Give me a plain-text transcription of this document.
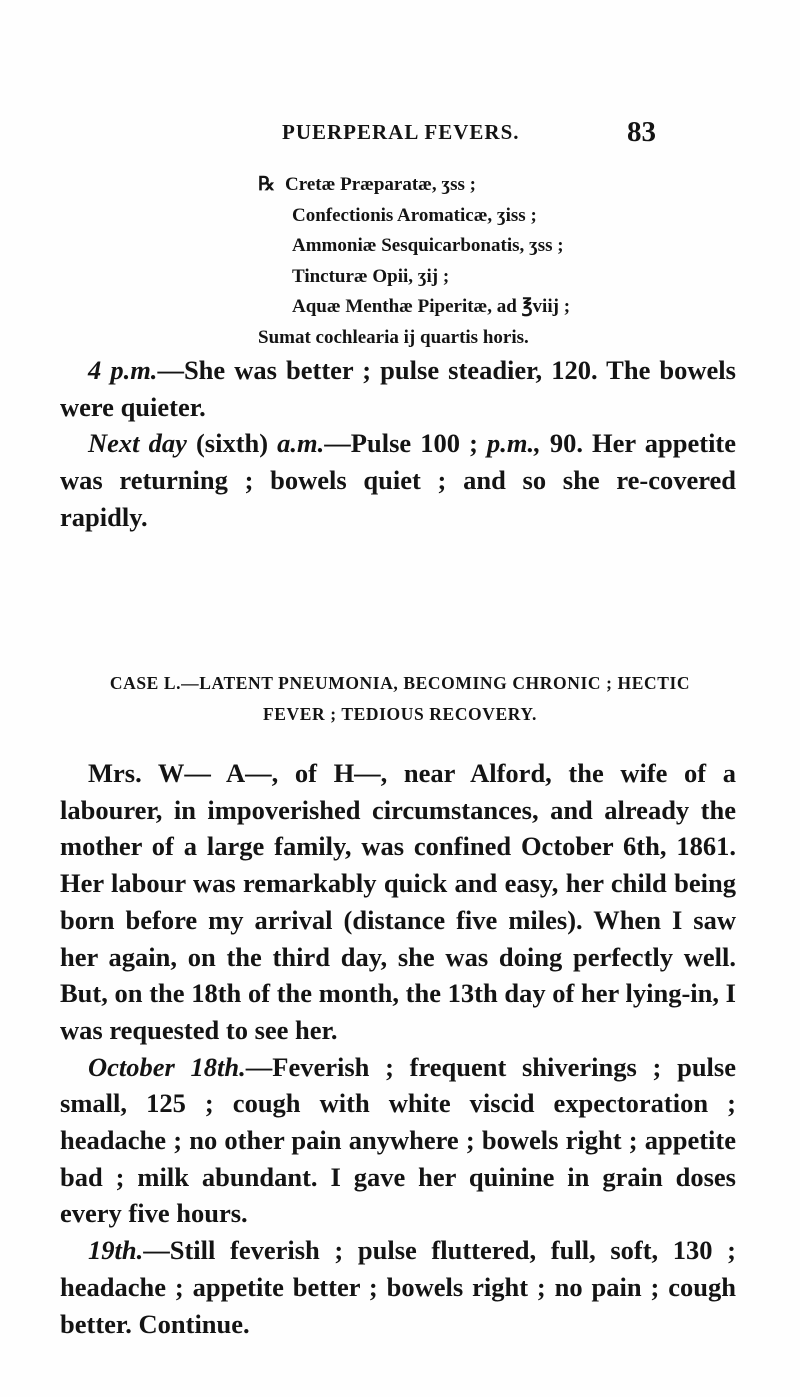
PUERPERAL FEVERS.	83
℞ Cretæ Præparatæ, ʒss ;
Confectionis Aromaticæ, ʒiss ;
Ammoniæ Sesquicarbonatis, ʒss ;
Tincturæ Opii, ʒij ;
Aquæ Menthæ Piperitæ, ad ℥viij ;
Sumat cochlearia ij quartis horis.

4 p.m.—She was better ; pulse steadier, 120. The bowels were quieter.

Next day (sixth) a.m.—Pulse 100 ; p.m., 90. Her appetite was returning ; bowels quiet ; and so she re-covered rapidly.

CASE L.—LATENT PNEUMONIA, BECOMING CHRONIC ; HECTIC
FEVER ; TEDIOUS RECOVERY.

Mrs. W— A—, of H—, near Alford, the wife of a labourer, in impoverished circumstances, and already the mother of a large family, was confined October 6th, 1861. Her labour was remarkably quick and easy, her child being born before my arrival (distance five miles). When I saw her again, on the third day, she was doing perfectly well. But, on the 18th of the month, the 13th day of her lying-in, I was requested to see her.

October 18th.—Feverish ; frequent shiverings ; pulse small, 125 ; cough with white viscid expectoration ; headache ; no other pain anywhere ; bowels right ; appetite bad ; milk abundant. I gave her quinine in grain doses every five hours.

19th.—Still feverish ; pulse fluttered, full, soft, 130 ; headache ; appetite better ; bowels right ; no pain ; cough better. Continue.
